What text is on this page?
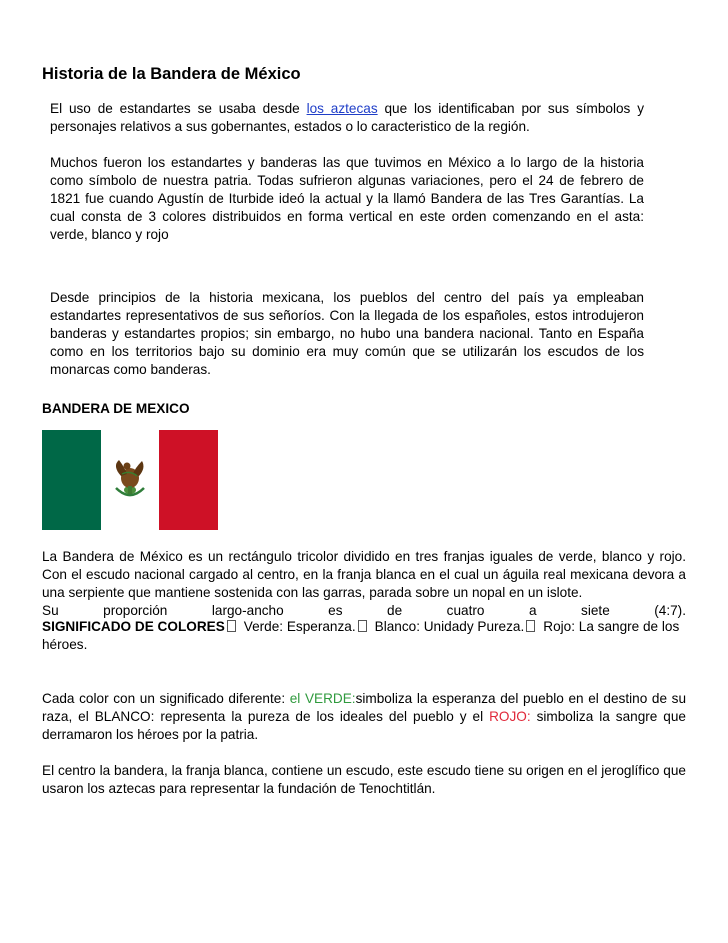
Historia de la Bandera de México
El uso de estandartes se usaba desde los aztecas que los identificaban por sus símbolos y personajes relativos a sus gobernantes, estados o lo caracteristico de la región.
Muchos fueron los estandartes y banderas las que tuvimos en México a lo largo de la historia como símbolo de nuestra patria. Todas sufrieron algunas variaciones, pero el 24 de febrero de 1821 fue cuando Agustín de Iturbide ideó la actual y la llamó Bandera de las Tres Garantías. La cual consta de 3 colores distribuidos en forma vertical en este orden comenzando en el asta: verde, blanco y rojo
Desde principios de la historia mexicana, los pueblos del centro del país ya empleaban estandartes representativos de sus señoríos. Con la llegada de los españoles, estos introdujeron banderas y estandartes propios; sin embargo, no hubo una bandera nacional. Tanto en España como en los territorios bajo su dominio era muy común que se utilizarán los escudos de los monarcas como banderas.
BANDERA DE MEXICO
La Bandera de México es un rectángulo tricolor dividido en tres franjas iguales de verde, blanco y rojo. Con el escudo nacional cargado al centro, en la franja blanca en el cual un águila real mexicana devora a una serpiente que mantiene sostenida con las garras, parada sobre un nopal en un islote.
Su proporción largo-ancho es de cuatro a siete (4:7).
SIGNIFICADO DE COLORES Verde: Esperanza. Blanco: Unidady Pureza. Rojo: La sangre de los héroes.
Cada color con un significado diferente: el VERDE:simboliza la esperanza del pueblo en el destino de su raza, el BLANCO: representa la pureza de los ideales del pueblo y el ROJO: simboliza la sangre que derramaron los héroes por la patria.
El centro la bandera, la franja blanca, contiene un escudo, este escudo tiene su origen en el jeroglífico que usaron los aztecas para representar la fundación de Tenochtitlán.
